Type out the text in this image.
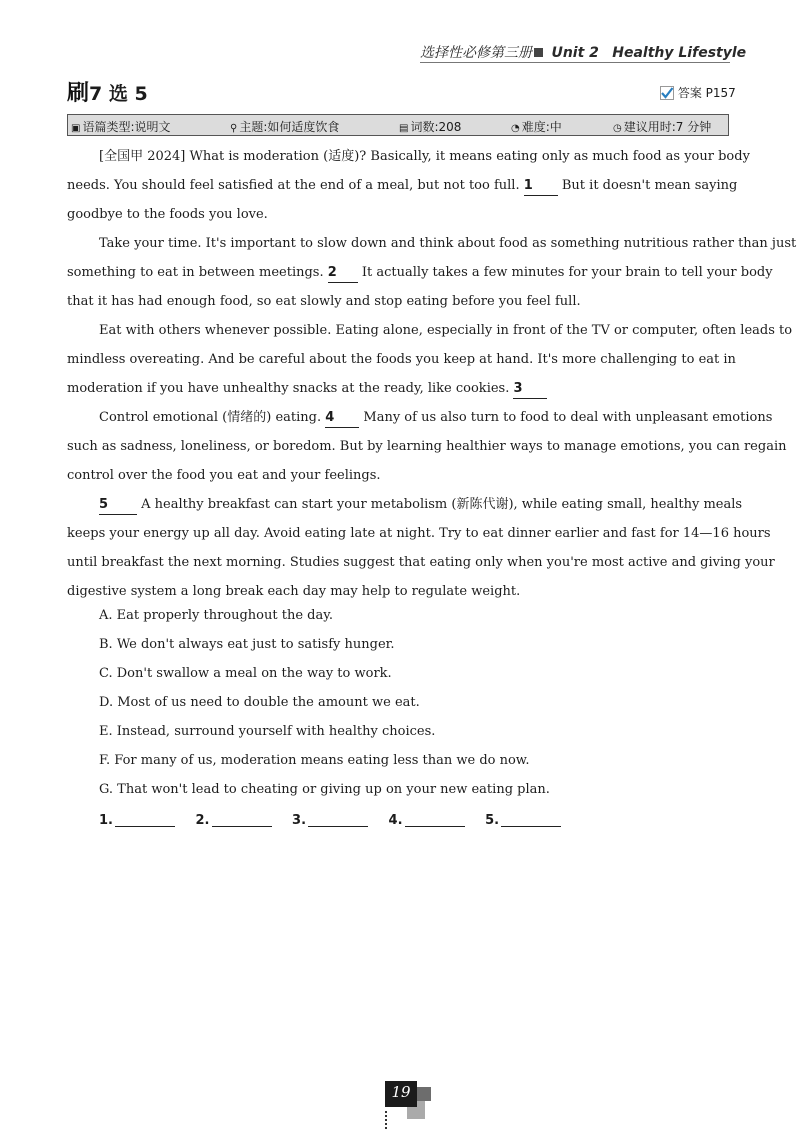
选择性必修第三册 Unit 2 Healthy Lifestyle
刷7 选 5	答案 P157
▣ 语篇类型:说明文	⚲ 主题:如何适度饮食	▤ 词数:208	◔ 难度:中	◷ 建议用时:7 分钟
[全国甲 2024] What is moderation (适度)? Basically, it means eating only as much food as your body
needs. You should feel satisfied at the end of a meal, but not too full. 1 But it doesn't mean saying
goodbye to the foods you love.
Take your time. It's important to slow down and think about food as something nutritious rather than just
something to eat in between meetings. 2 It actually takes a few minutes for your brain to tell your body
that it has had enough food, so eat slowly and stop eating before you feel full.
Eat with others whenever possible. Eating alone, especially in front of the TV or computer, often leads to
mindless overeating. And be careful about the foods you keep at hand. It's more challenging to eat in
moderation if you have unhealthy snacks at the ready, like cookies. 3
Control emotional (情绪的) eating. 4 Many of us also turn to food to deal with unpleasant emotions
such as sadness, loneliness, or boredom. But by learning healthier ways to manage emotions, you can regain
control over the food you eat and your feelings.
5	A healthy breakfast can start your metabolism (新陈代谢), while eating small, healthy meals
keeps your energy up all day. Avoid eating late at night. Try to eat dinner earlier and fast for 14—16 hours
until breakfast the next morning. Studies suggest that eating only when you're most active and giving your
digestive system a long break each day may help to regulate weight.
A. Eat properly throughout the day.
B. We don't always eat just to satisfy hunger.
C. Don't swallow a meal on the way to work.
D. Most of us need to double the amount we eat.
E. Instead, surround yourself with healthy choices.
F. For many of us, moderation means eating less than we do now.
G. That won't lead to cheating or giving up on your new eating plan.
1.	2.	3.	4.	5.
19
